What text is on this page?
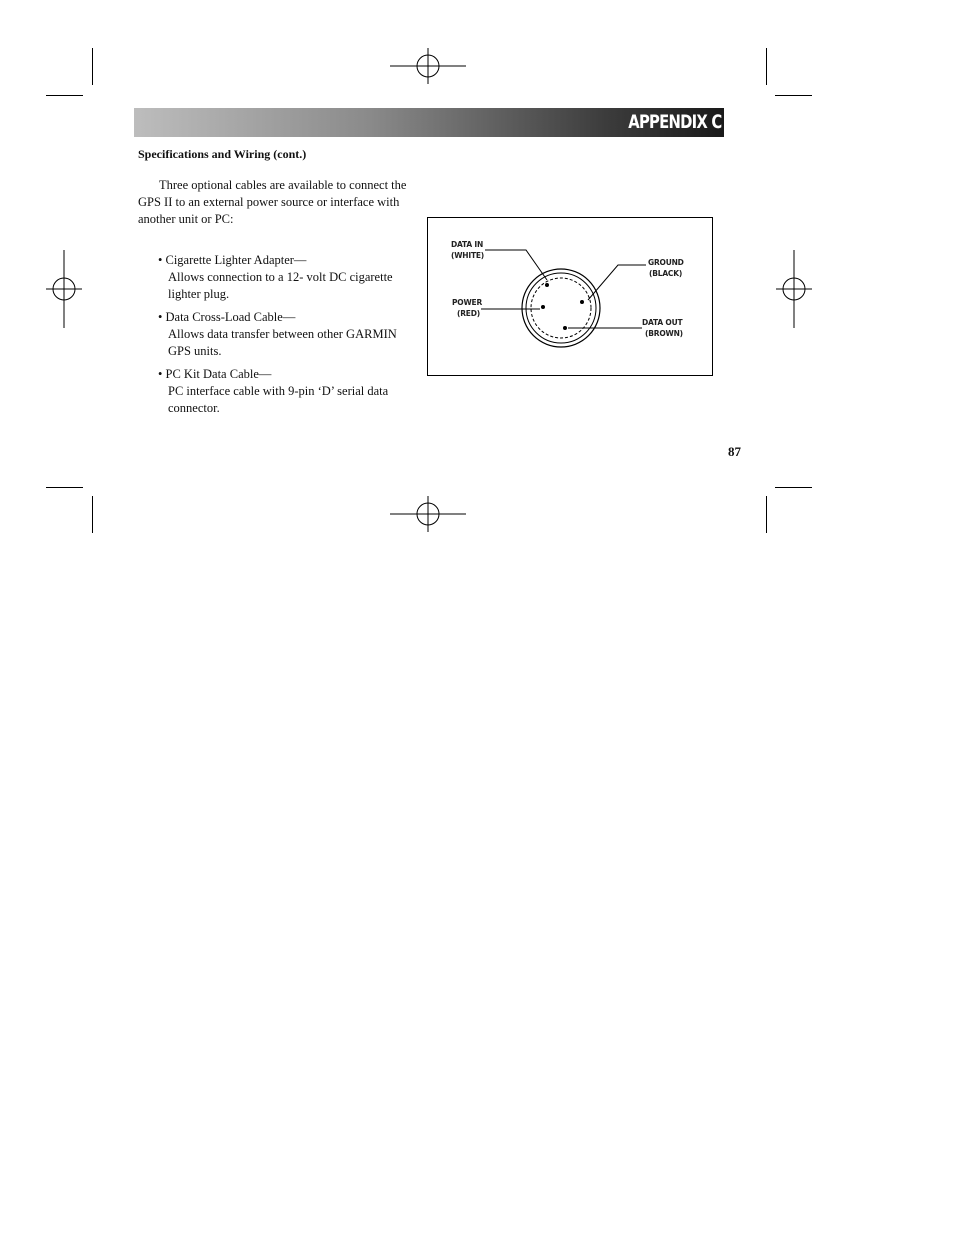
APPENDIX C
Specifications and Wiring (cont.)
Three optional cables are available to connect the GPS II to an external power source or interface with another unit or PC:
• Cigarette Lighter Adapter—
Allows connection to a 12- volt DC cigarette lighter plug.
• Data Cross-Load Cable—
Allows data transfer between other GARMIN GPS units.
• PC Kit Data Cable—
PC interface cable with 9-pin ‘D’ serial data connector.
DATA IN
(WHITE)
POWER
(RED)
GROUND
(BLACK)
DATA OUT
(BROWN)
87
